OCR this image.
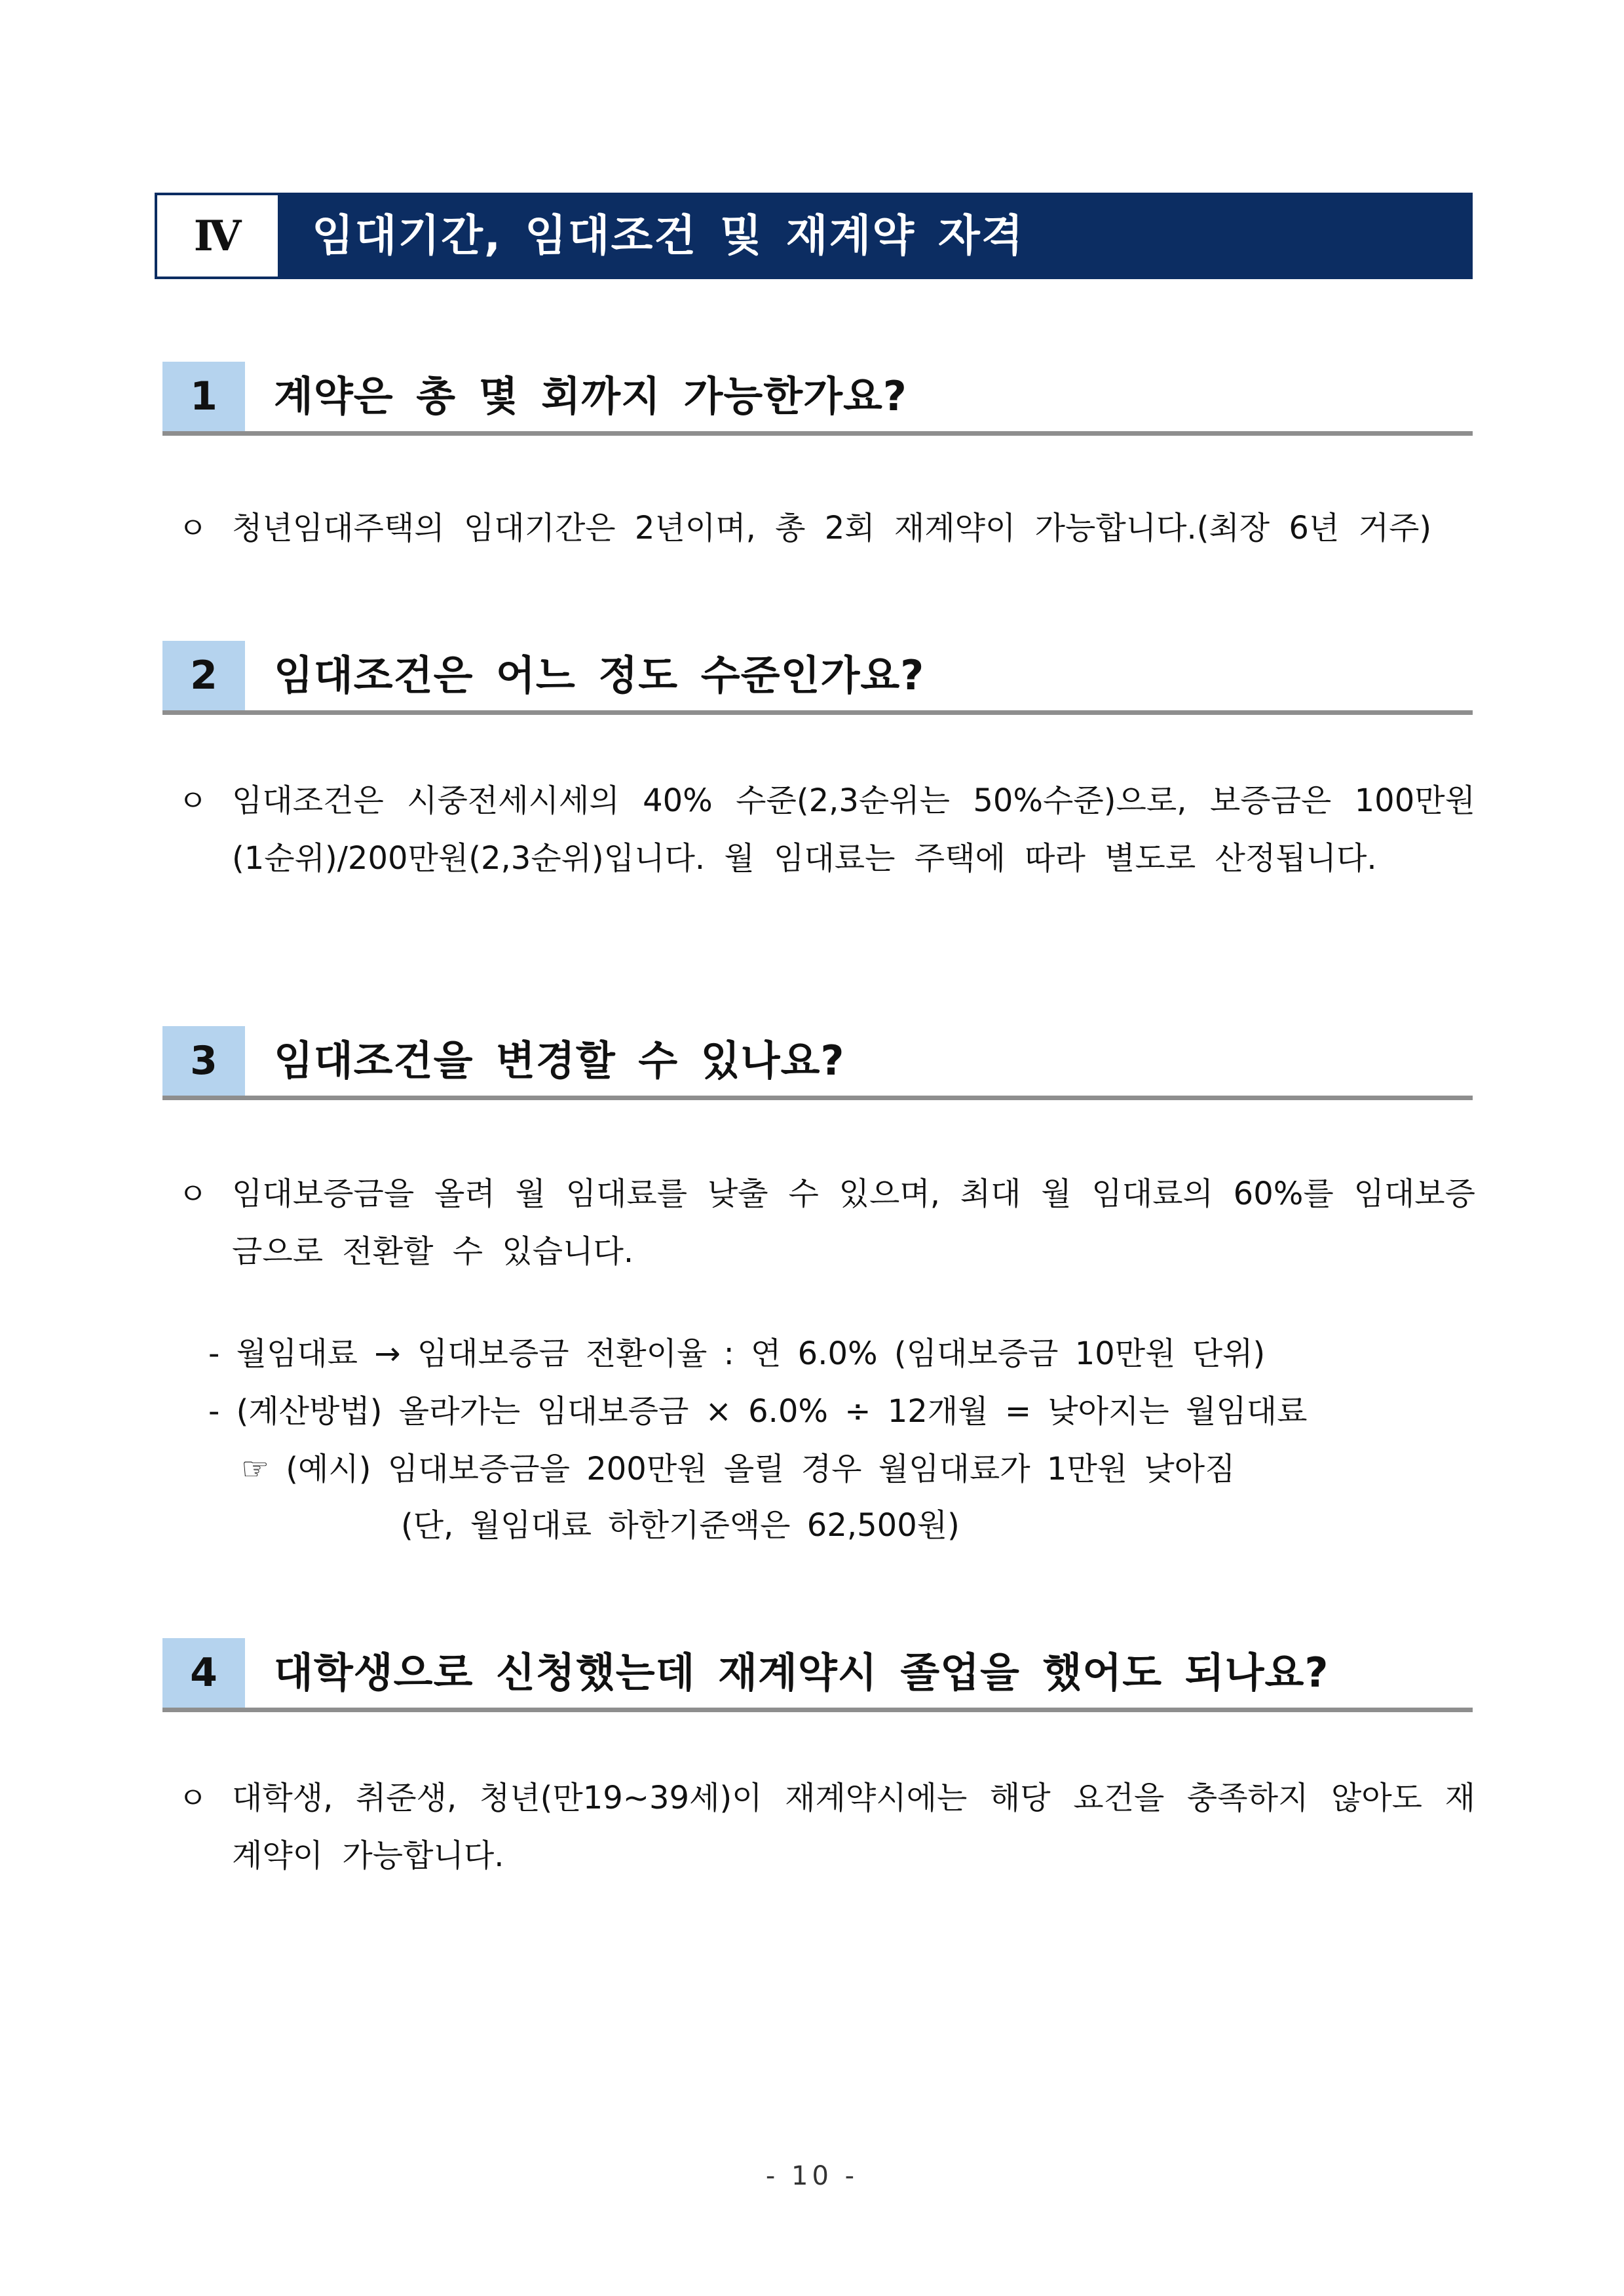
Ⅳ	임대기간, 임대조건 및 재계약 자격
1	계약은 총 몇 회까지 가능한가요?
ㅇ 청년임대주택의 임대기간은 2년이며, 총 2회 재계약이 가능합니다.(최장 6년 거주)
2	임대조건은 어느 정도 수준인가요?
ㅇ 임대조건은 시중전세시세의 40% 수준(2,3순위는 50%수준)으로, 보증금은 100만원(1순위)/200만원(2,3순위)입니다. 월 임대료는 주택에 따라 별도로 산정됩니다.
3	임대조건을 변경할 수 있나요?
ㅇ 임대보증금을 올려 월 임대료를 낮출 수 있으며, 최대 월 임대료의 60%를 임대보증금으로 전환할 수 있습니다.
- 월임대료 → 임대보증금 전환이율 : 연 6.0% (임대보증금 10만원 단위)
- (계산방법) 올라가는 임대보증금 × 6.0% ÷ 12개월 = 낮아지는 월임대료
☞ (예시) 임대보증금을 200만원 올릴 경우 월임대료가 1만원 낮아짐
(단, 월임대료 하한기준액은 62,500원)
4	대학생으로 신청했는데 재계약시 졸업을 했어도 되나요?
ㅇ 대학생, 취준생, 청년(만19~39세)이 재계약시에는 해당 요건을 충족하지 않아도 재계약이 가능합니다.
- 10 -
